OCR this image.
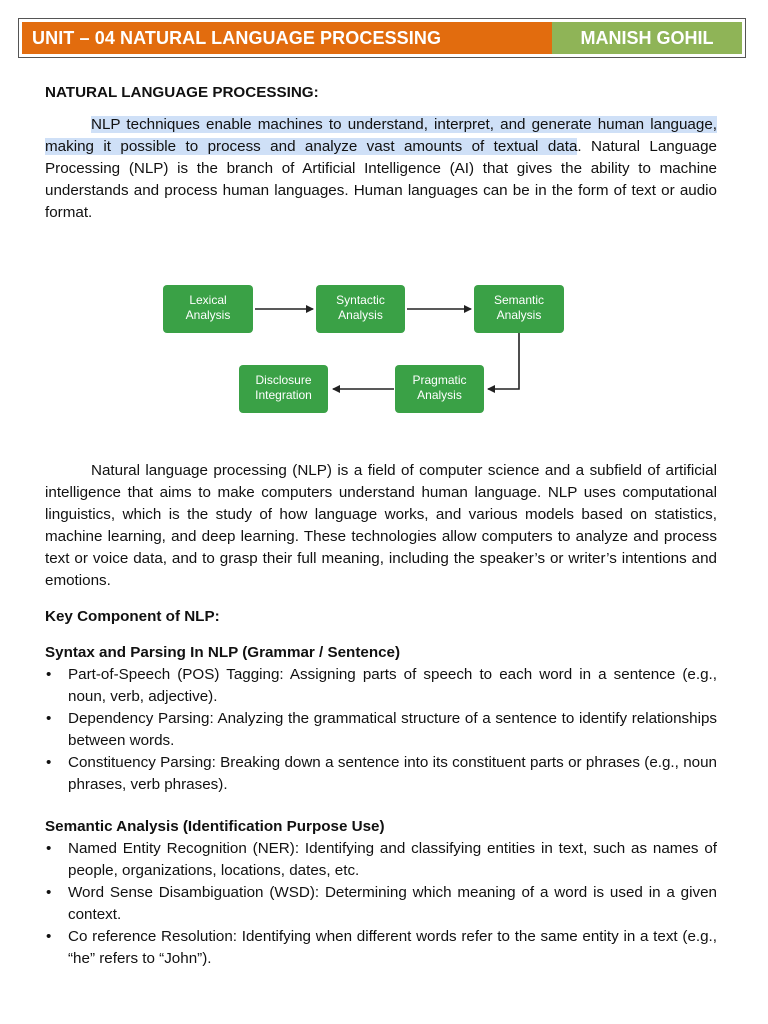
UNIT – 04 NATURAL LANGUAGE PROCESSING	MANISH GOHIL

NATURAL LANGUAGE PROCESSING:

NLP techniques enable machines to understand, interpret, and generate human language, making it possible to process and analyze vast amounts of textual data. Natural Language Processing (NLP) is the branch of Artificial Intelligence (AI) that gives the ability to machine understands and process human languages. Human languages can be in the form of text or audio format.

Lexical
Analysis
Syntactic
Analysis
Semantic
Analysis
Pragmatic
Analysis
Disclosure
Integration

Natural language processing (NLP) is a field of computer science and a subfield of artificial intelligence that aims to make computers understand human language. NLP uses computational linguistics, which is the study of how language works, and various models based on statistics, machine learning, and deep learning. These technologies allow computers to analyze and process text or voice data, and to grasp their full meaning, including the speaker’s or writer’s intentions and emotions.

Key Component of NLP:

Syntax and Parsing In NLP (Grammar / Sentence)

• Part-of-Speech (POS) Tagging: Assigning parts of speech to each word in a sentence (e.g., noun, verb, adjective).
• Dependency Parsing: Analyzing the grammatical structure of a sentence to identify relationships between words.
• Constituency Parsing: Breaking down a sentence into its constituent parts or phrases (e.g., noun phrases, verb phrases).

Semantic Analysis (Identification Purpose Use)

• Named Entity Recognition (NER): Identifying and classifying entities in text, such as names of people, organizations, locations, dates, etc.
• Word Sense Disambiguation (WSD): Determining which meaning of a word is used in a given context.
• Co reference Resolution: Identifying when different words refer to the same entity in a text (e.g., “he” refers to “John”).
